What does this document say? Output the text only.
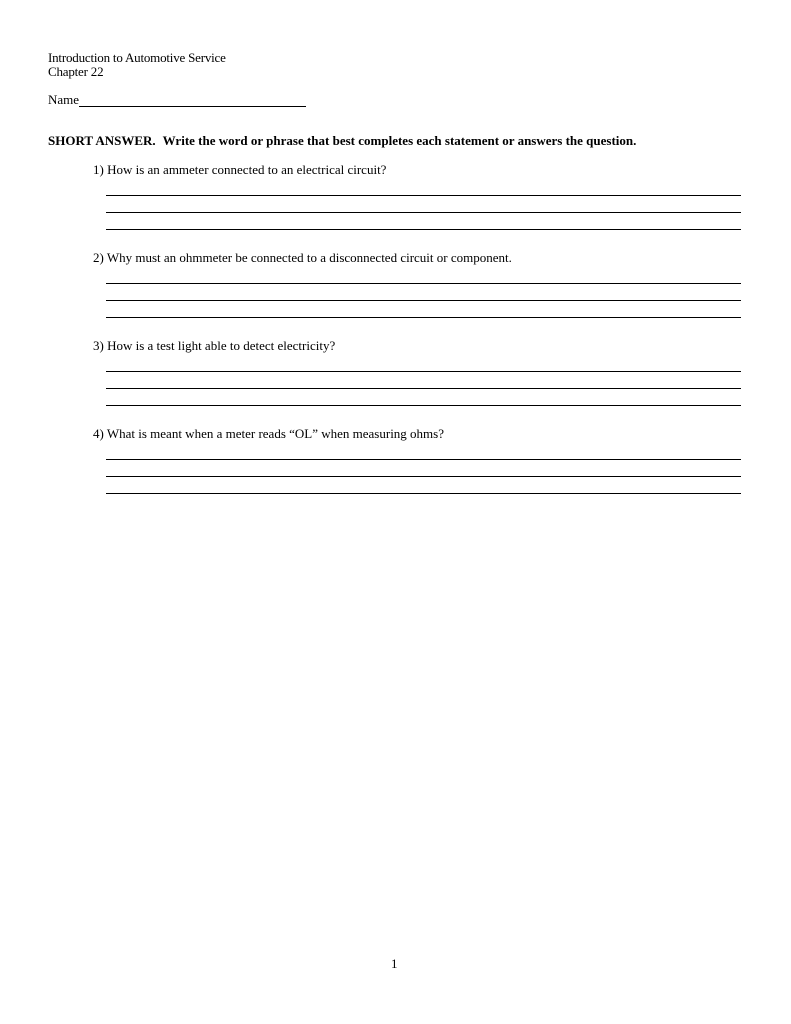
Introduction to Automotive Service
Chapter 22
Name
SHORT ANSWER. Write the word or phrase that best completes each statement or answers the question.
1) How is an ammeter connected to an electrical circuit?
2) Why must an ohmmeter be connected to a disconnected circuit or component.
3) How is a test light able to detect electricity?
4) What is meant when a meter reads “OL” when measuring ohms?
1
